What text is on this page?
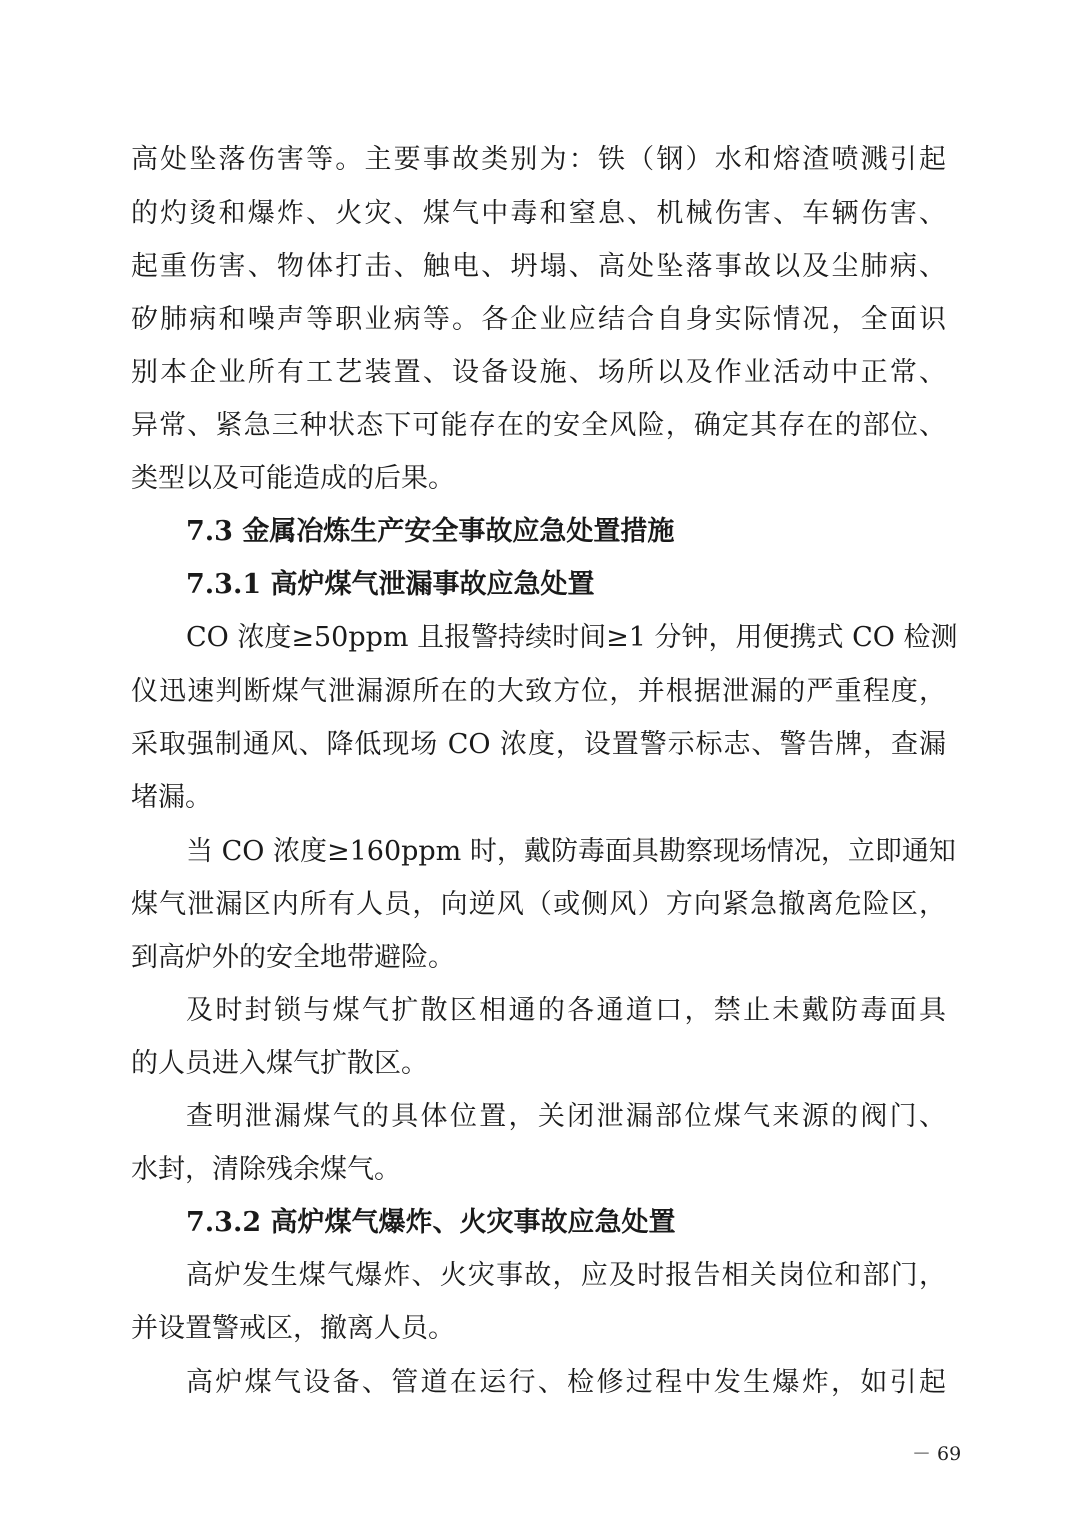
高处坠落伤害等。主要事故类别为：铁（钢）水和熔渣喷溅引起
的灼烫和爆炸、火灾、煤气中毒和窒息、机械伤害、车辆伤害、
起重伤害、物体打击、触电、坍塌、高处坠落事故以及尘肺病、
矽肺病和噪声等职业病等。各企业应结合自身实际情况，全面识
别本企业所有工艺装置、设备设施、场所以及作业活动中正常、
异常、紧急三种状态下可能存在的安全风险，确定其存在的部位、
类型以及可能造成的后果。
7.3 金属冶炼生产安全事故应急处置措施
7.3.1 高炉煤气泄漏事故应急处置
CO 浓度≥50ppm 且报警持续时间≥1 分钟，用便携式 CO 检测
仪迅速判断煤气泄漏源所在的大致方位，并根据泄漏的严重程度，
采取强制通风、降低现场 CO 浓度，设置警示标志、警告牌，查漏
堵漏。
当 CO 浓度≥160ppm 时，戴防毒面具勘察现场情况，立即通知
煤气泄漏区内所有人员，向逆风（或侧风）方向紧急撤离危险区，
到高炉外的安全地带避险。
及时封锁与煤气扩散区相通的各通道口，禁止未戴防毒面具
的人员进入煤气扩散区。
查明泄漏煤气的具体位置，关闭泄漏部位煤气来源的阀门、
水封，清除残余煤气。
7.3.2 高炉煤气爆炸、火灾事故应急处置
高炉发生煤气爆炸、火灾事故，应及时报告相关岗位和部门，
并设置警戒区，撤离人员。
高炉煤气设备、管道在运行、检修过程中发生爆炸，如引起
－ 69
